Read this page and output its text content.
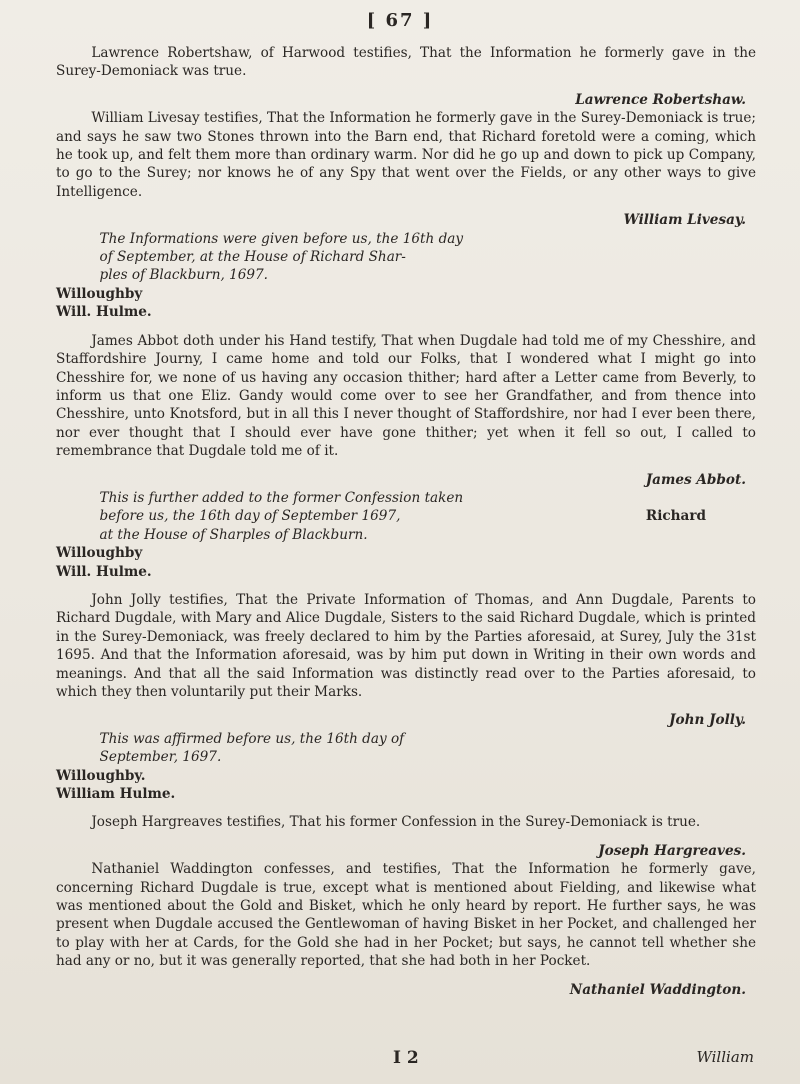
[ 67 ]

Lawrence Robertshaw, of Harwood testifies, That the Information he formerly gave in the Surey-Demoniack was true.

Lawrence Robertshaw.

William Livesay testifies, That the Information he formerly gave in the Surey-Demoniack is true; and says he saw two Stones thrown into the Barn end, that Richard foretold were a coming, which he took up, and felt them more than ordinary warm. Nor did he go up and down to pick up Company, to go to the Surey; nor knows he of any Spy that went over the Fields, or any other ways to give Intelligence.

William Livesay.
The Informations were given before us, the 16th day
of September, at the House of Richard Shar-
ples of Blackburn, 1697.
Willoughby
Will. Hulme.

James Abbot doth under his Hand testify, That when Dugdale had told me of my Chesshire, and Staffordshire Journy, I came home and told our Folks, that I wondered what I might go into Chesshire for, we none of us having any occasion thither; hard after a Letter came from Beverly, to inform us that one Eliz. Gandy would come over to see her Grandfather, and from thence into Chesshire, unto Knotsford, but in all this I never thought of Staffordshire, nor had I ever been there, nor ever thought that I should ever have gone thither; yet when it fell so out, I called to remembrance that Dugdale told me of it.

James Abbot.
This is further added to the former Confession taken
before us, the 16th day of September 1697,
at the House of Sharples of Blackburn.
Richard
Willoughby
Will. Hulme.

John Jolly testifies, That the Private Information of Thomas, and Ann Dugdale, Parents to Richard Dugdale, with Mary and Alice Dugdale, Sisters to the said Richard Dugdale, which is printed in the Surey-Demoniack, was freely declared to him by the Parties aforesaid, at Surey, July the 31st 1695. And that the Information aforesaid, was by him put down in Writing in their own words and meanings. And that all the said Information was distinctly read over to the Parties aforesaid, to which they then voluntarily put their Marks.

John Jolly.
This was affirmed before us, the 16th day of
September, 1697.
Willoughby.
William Hulme.

Joseph Hargreaves testifies, That his former Confession in the Surey-Demoniack is true.

Joseph Hargreaves.

Nathaniel Waddington confesses, and testifies, That the Information he formerly gave, concerning Richard Dugdale is true, except what is mentioned about Fielding, and likewise what was mentioned about the Gold and Bisket, which he only heard by report. He further says, he was present when Dugdale accused the Gentlewoman of having Bisket in her Pocket, and challenged her to play with her at Cards, for the Gold she had in her Pocket; but says, he cannot tell whether she had any or no, but it was generally reported, that she had both in her Pocket.

Nathaniel Waddington.
I 2	William
